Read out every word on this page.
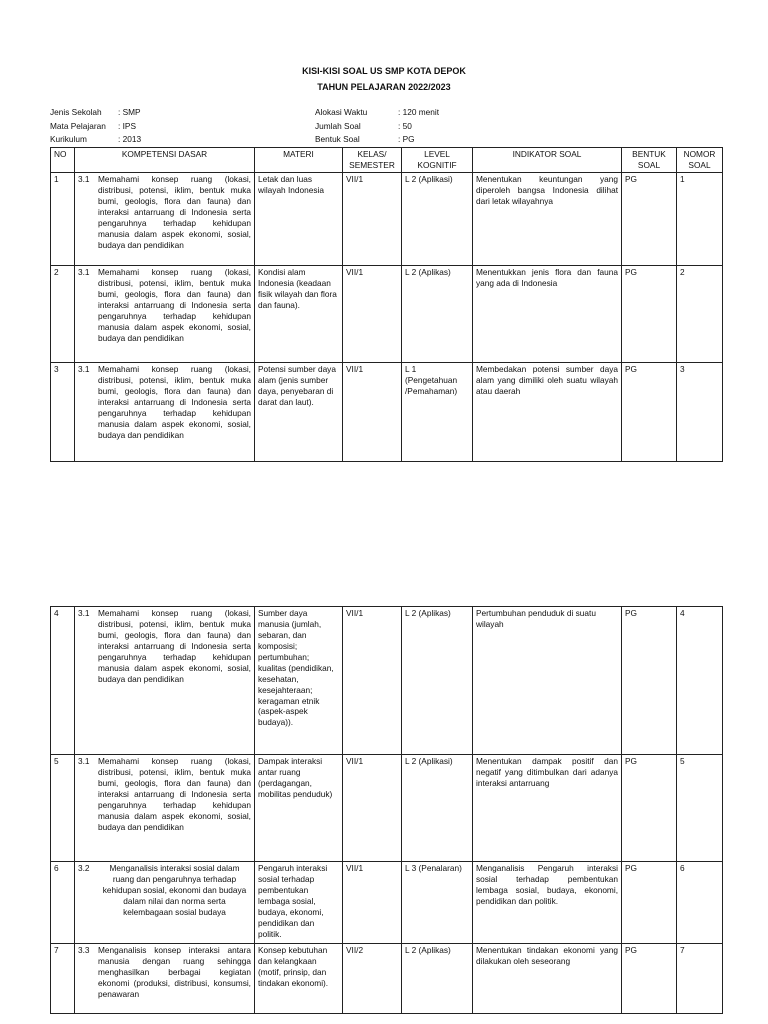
KISI-KISI SOAL US SMP KOTA DEPOK
TAHUN PELAJARAN 2022/2023
Jenis Sekolah : SMP
Mata Pelajaran : IPS
Kurikulum	: 2013
Alokasi Waktu	: 120 menit
Jumlah Soal	: 50
Bentuk Soal	: PG
NO	KOMPETENSI DASAR	MATERI	KELAS/ SEMESTER	LEVEL KOGNITIF	INDIKATOR SOAL	BENTUK SOAL	NOMOR SOAL
1	3.1 Memahami konsep ruang (lokasi, distribusi, potensi, iklim, bentuk muka bumi, geologis, flora dan fauna) dan interaksi antarruang di Indonesia serta pengaruhnya terhadap kehidupan manusia dalam aspek ekonomi, sosial, budaya dan pendidikan	Letak dan luas wilayah Indonesia	VII/1	L 2 (Aplikasi)	Menentukan keuntungan yang diperoleh bangsa Indonesia dilihat dari letak wilayahnya	PG	1
2	3.1 Memahami konsep ruang (lokasi, distribusi, potensi, iklim, bentuk muka bumi, geologis, flora dan fauna) dan interaksi antarruang di Indonesia serta pengaruhnya terhadap kehidupan manusia dalam aspek ekonomi, sosial, budaya dan pendidikan	Kondisi alam Indonesia (keadaan fisik wilayah dan flora dan fauna).	VII/1	L 2 (Aplikas)	Menentukkan jenis flora dan fauna yang ada di Indonesia	PG	2
3	3.1 Memahami konsep ruang (lokasi, distribusi, potensi, iklim, bentuk muka bumi, geologis, flora dan fauna) dan interaksi antarruang di Indonesia serta pengaruhnya terhadap kehidupan manusia dalam aspek ekonomi, sosial, budaya dan pendidikan	Potensi sumber daya alam (jenis sumber daya, penyebaran di darat dan laut).	VII/1	L 1 (Pengetahuan /Pemahaman)	Membedakan potensi sumber daya alam yang dimiliki oleh suatu wilayah atau daerah	PG	3
4	3.1 Memahami konsep ruang (lokasi, distribusi, potensi, iklim, bentuk muka bumi, geologis, flora dan fauna) dan interaksi antarruang di Indonesia serta pengaruhnya terhadap kehidupan manusia dalam aspek ekonomi, sosial, budaya dan pendidikan	Sumber daya manusia (jumlah, sebaran, dan komposisi; pertumbuhan; kualitas (pendidikan, kesehatan, kesejahteraan; keragaman etnik (aspek-aspek budaya)).	VII/1	L 2 (Aplikas)	Pertumbuhan penduduk di suatu wilayah	PG	4
5	3.1 Memahami konsep ruang (lokasi, distribusi, potensi, iklim, bentuk muka bumi, geologis, flora dan fauna) dan interaksi antarruang di Indonesia serta pengaruhnya terhadap kehidupan manusia dalam aspek ekonomi, sosial, budaya dan pendidikan	Dampak interaksi antar ruang (perdagangan, mobilitas penduduk)	VII/1	L 2 (Aplikasi)	Menentukan dampak positif dan negatif yang ditimbulkan dari adanya interaksi antarruang	PG	5
6	3.2 Menganalisis interaksi sosial dalam ruang dan pengaruhnya terhadap kehidupan sosial, ekonomi dan budaya dalam nilai dan norma serta kelembagaan sosial budaya	Pengaruh interaksi sosial terhadap pembentukan lembaga sosial, budaya, ekonomi, pendidikan dan politik.	VII/1	L 3 (Penalaran)	Menganalisis Pengaruh interaksi sosial terhadap pembentukan lembaga sosial, budaya, ekonomi, pendidikan dan politik.	PG	6
7	3.3 Menganalisis konsep interaksi antara manusia dengan ruang sehingga menghasilkan berbagai kegiatan ekonomi (produksi, distribusi, konsumsi, penawaran	Konsep kebutuhan dan kelangkaan (motif, prinsip, dan tindakan ekonomi).	VII/2	L 2 (Aplikas)	Menentukan tindakan ekonomi yang dilakukan oleh seseorang	PG	7
